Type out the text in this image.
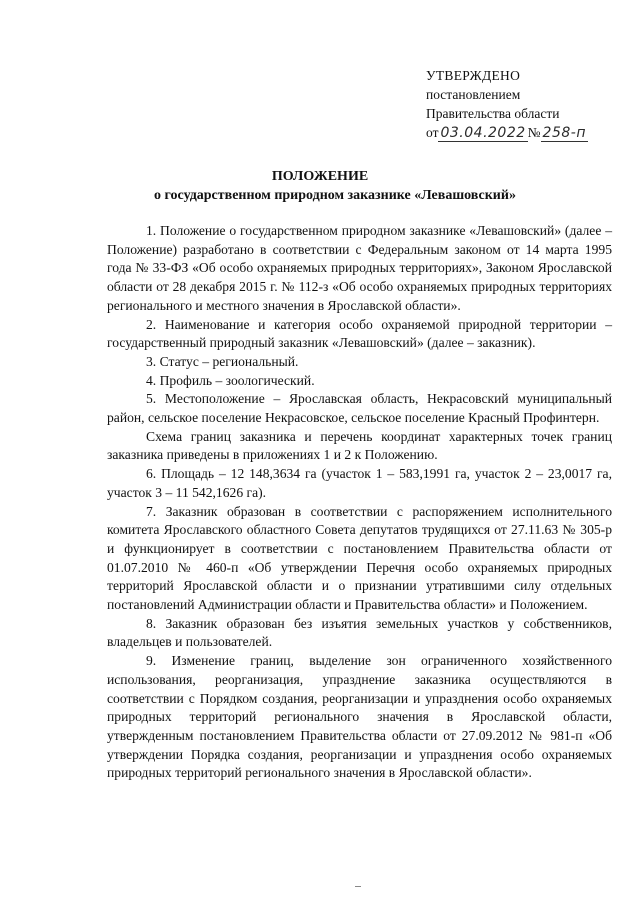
УТВЕРЖДЕНО
постановлением
Правительства области
от 03.04.2022 № 258-п
ПОЛОЖЕНИЕ
о государственном природном заказнике «Левашовский»

1. Положение о государственном природном заказнике «Левашовский» (далее – Положение) разработано в соответствии с Федеральным законом от 14 марта 1995 года № 33-ФЗ «Об особо охраняемых природных территориях», Законом Ярославской области от 28 декабря 2015 г. № 112-з «Об особо охраняемых природных территориях регионального и местного значения в Ярославской области».

2. Наименование и категория особо охраняемой природной территории – государственный природный заказник «Левашовский» (далее – заказник).

3. Статус – региональный.

4. Профиль – зоологический.

5. Местоположение – Ярославская область, Некрасовский муниципальный район, сельское поселение Некрасовское, сельское поселение Красный Профинтерн.

Схема границ заказника и перечень координат характерных точек границ заказника приведены в приложениях 1 и 2 к Положению.

6. Площадь – 12 148,3634 га (участок 1 – 583,1991 га, участок 2 – 23,0017 га, участок 3 – 11 542,1626 га).

7. Заказник образован в соответствии с распоряжением исполнительного комитета Ярославского областного Совета депутатов трудящихся от 27.11.63 № 305-р и функционирует в соответствии с постановлением Правительства области от 01.07.2010 № 460-п «Об утверждении Перечня особо охраняемых природных территорий Ярославской области и о признании утратившими силу отдельных постановлений Администрации области и Правительства области» и Положением.

8. Заказник образован без изъятия земельных участков у собственников, владельцев и пользователей.

9. Изменение границ, выделение зон ограниченного хозяйственного использования, реорганизация, упразднение заказника осуществляются в соответствии с Порядком создания, реорганизации и упразднения особо охраняемых природных территорий регионального значения в Ярославской области, утвержденным постановлением Правительства области от 27.09.2012 № 981-п «Об утверждении Порядка создания, реорганизации и упразднения особо охраняемых природных территорий регионального значения в Ярославской области».
